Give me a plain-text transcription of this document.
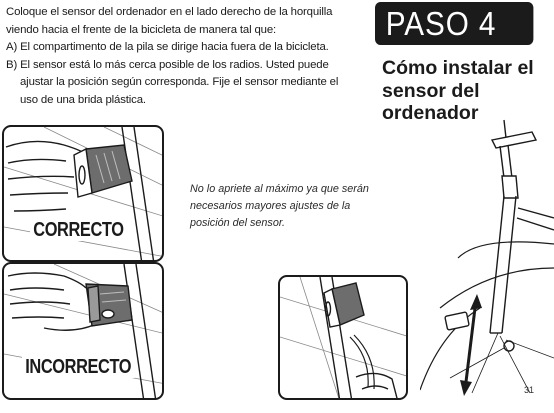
Coloque el sensor del ordenador en el lado derecho de la horquilla viendo hacia el frente de la bicicleta de manera tal que:

A) El compartimento de la pila se dirige hacia fuera de la bicicleta.

B) El sensor está lo más cerca posible de los radios. Usted puede ajustar la posición según corresponda. Fije el sensor mediante el uso de una brida plástica.

PASO 4
Cómo instalar el sensor del ordenador
CORRECTO
INCORRECTO
No lo apriete al máximo ya que serán necesarios mayores ajustes de la posición del sensor.
31
